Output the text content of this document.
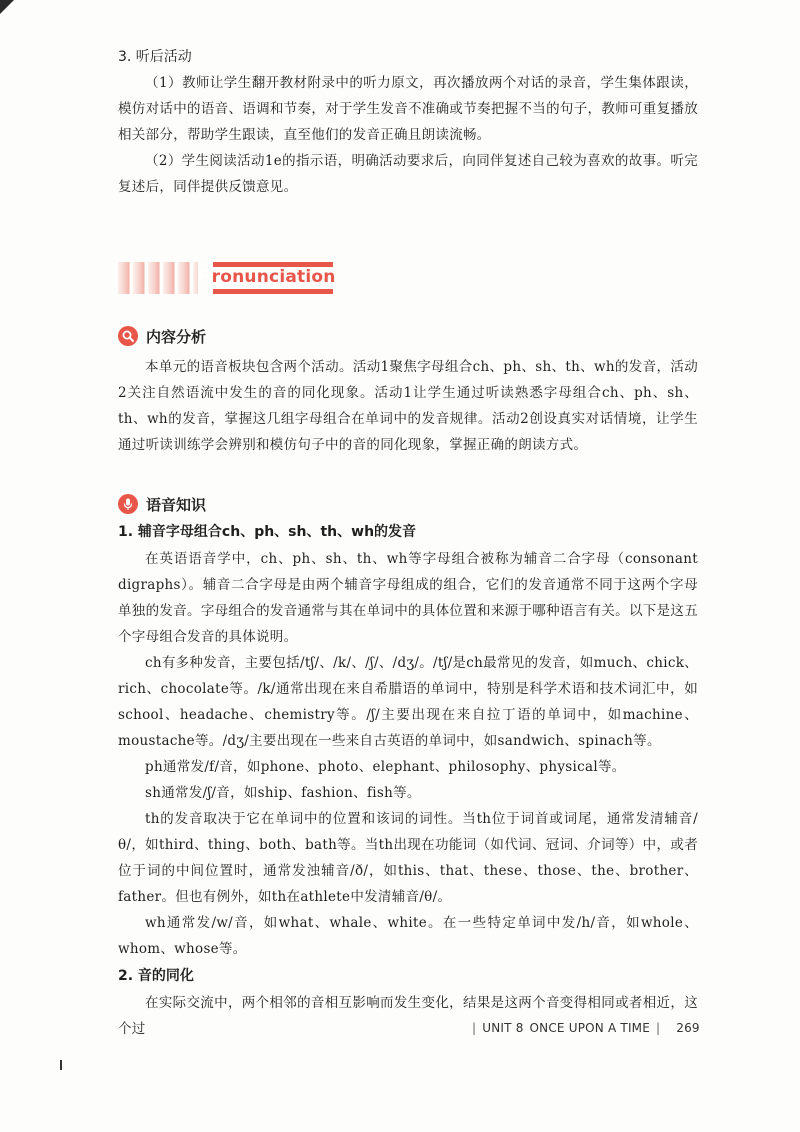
3. 听后活动

（1）教师让学生翻开教材附录中的听力原文，再次播放两个对话的录音，学生集体跟读，模仿对话中的语音、语调和节奏，对于学生发音不准确或节奏把握不当的句子，教师可重复播放相关部分，帮助学生跟读，直至他们的发音正确且朗读流畅。

（2）学生阅读活动1e的指示语，明确活动要求后，向同伴复述自己较为喜欢的故事。听完复述后，同伴提供反馈意见。

Pronunciation
内容分析

本单元的语音板块包含两个活动。活动1聚焦字母组合ch、ph、sh、th、wh的发音，活动2关注自然语流中发生的音的同化现象。活动1让学生通过听读熟悉字母组合ch、ph、sh、th、wh的发音，掌握这几组字母组合在单词中的发音规律。活动2创设真实对话情境，让学生通过听读训练学会辨别和模仿句子中的音的同化现象，掌握正确的朗读方式。

语音知识

1. 辅音字母组合ch、ph、sh、th、wh的发音

在英语语音学中，ch、ph、sh、th、wh等字母组合被称为辅音二合字母（consonant digraphs）。辅音二合字母是由两个辅音字母组成的组合，它们的发音通常不同于这两个字母单独的发音。字母组合的发音通常与其在单词中的具体位置和来源于哪种语言有关。以下是这五个字母组合发音的具体说明。

ch有多种发音，主要包括/tʃ/、/k/、/ʃ/、/dʒ/。/tʃ/是ch最常见的发音，如much、chick、rich、chocolate等。/k/通常出现在来自希腊语的单词中，特别是科学术语和技术词汇中，如school、headache、chemistry等。/ʃ/主要出现在来自拉丁语的单词中，如machine、moustache等。/dʒ/主要出现在一些来自古英语的单词中，如sandwich、spinach等。

ph通常发/f/音，如phone、photo、elephant、philosophy、physical等。

sh通常发/ʃ/音，如ship、fashion、fish等。

th的发音取决于它在单词中的位置和该词的词性。当th位于词首或词尾，通常发清辅音/θ/，如third、thing、both、bath等。当th出现在功能词（如代词、冠词、介词等）中，或者位于词的中间位置时，通常发浊辅音/ð/，如this、that、these、those、the、brother、father。但也有例外，如th在athlete中发清辅音/θ/。

wh通常发/w/音，如what、whale、white。在一些特定单词中发/h/音，如whole、whom、whose等。

2. 音的同化

在实际交流中，两个相邻的音相互影响而发生变化，结果是这两个音变得相同或者相近，这个过	| UNIT 8 ONCE UPON A TIME | 269
